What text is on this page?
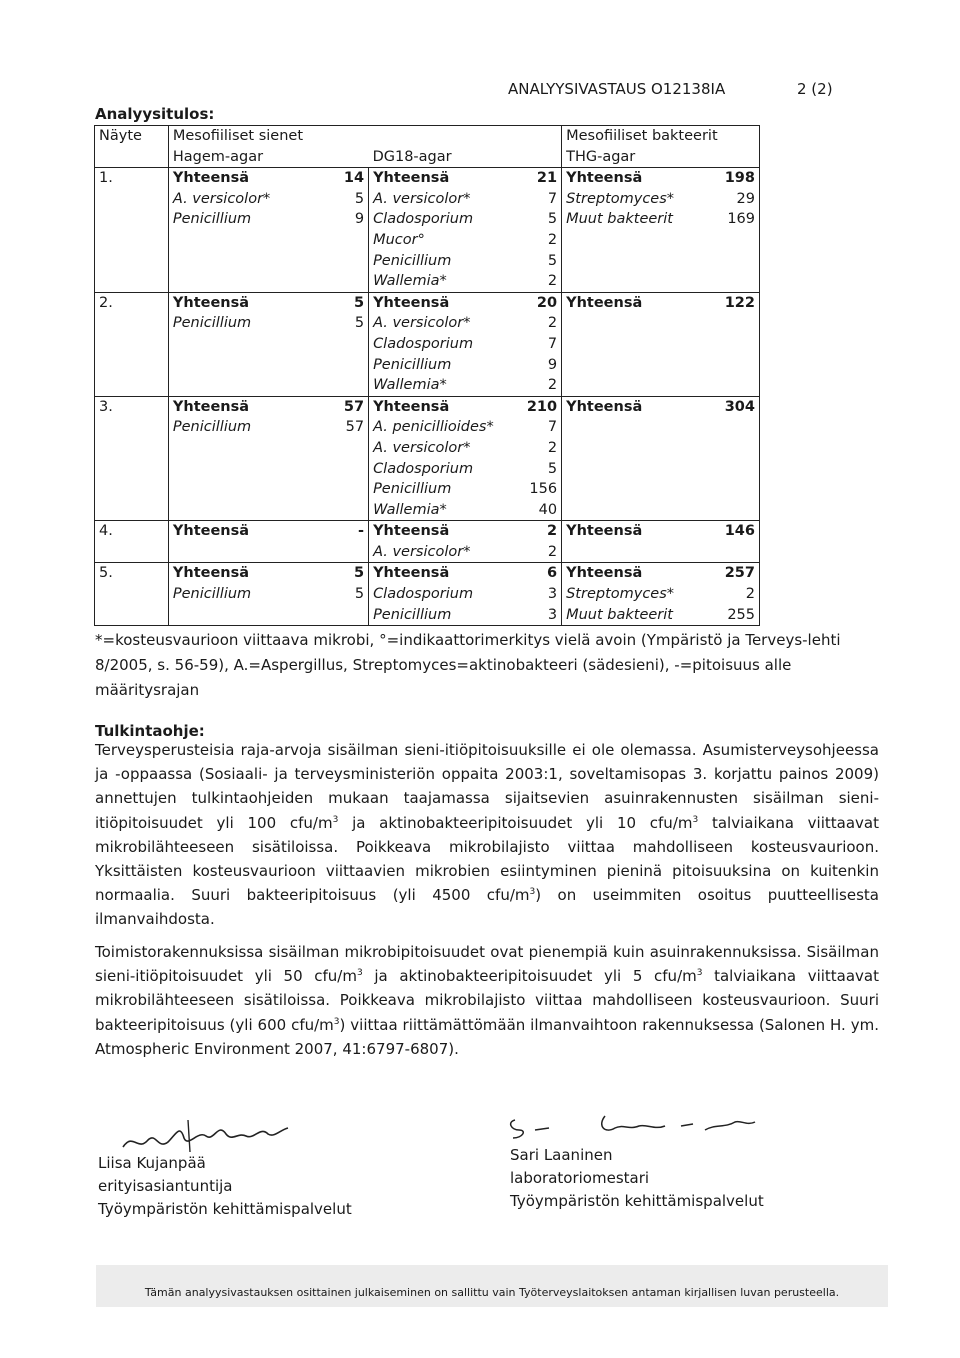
ANALYYSIVASTAUS O12138IA	2 (2)
Analyysitulos:
Näyte	Mesofiiliset sienet				Mesofiiliset bakteerit	
	Hagem-agar		DG18-agar		THG-agar	
1.	Yhteensä	14	Yhteensä	21	Yhteensä	198
	A. versicolor*	5	A. versicolor*	7	Streptomyces*	29
	Penicillium	9	Cladosporium	5	Muut bakteerit	169
			Mucor°	2		
			Penicillium	5		
			Wallemia*	2		
2.	Yhteensä	5	Yhteensä	20	Yhteensä	122
	Penicillium	5	A. versicolor*	2		
			Cladosporium	7		
			Penicillium	9		
			Wallemia*	2		
3.	Yhteensä	57	Yhteensä	210	Yhteensä	304
	Penicillium	57	A. penicillioides*	7		
			A. versicolor*	2		
			Cladosporium	5		
			Penicillium	156		
			Wallemia*	40		
4.	Yhteensä	-	Yhteensä	2	Yhteensä	146
			A. versicolor*	2		
5.	Yhteensä	5	Yhteensä	6	Yhteensä	257
	Penicillium	5	Cladosporium	3	Streptomyces*	2
			Penicillium	3	Muut bakteerit	255
*=kosteusvaurioon viittaava mikrobi, °=indikaattorimerkitys vielä avoin (Ympäristö ja Terveys-lehti 8/2005, s. 56-59), A.=Aspergillus, Streptomyces=aktinobakteeri (sädesieni), -=pitoisuus alle määritysrajan
Tulkintaohje:
Terveysperusteisia raja-arvoja sisäilman sieni-itiöpitoisuuksille ei ole olemassa. Asumisterveysohjeessa ja -oppaassa (Sosiaali- ja terveysministeriön oppaita 2003:1, soveltamisopas 3. korjattu painos 2009) annettujen tulkintaohjeiden mukaan taajamassa sijaitsevien asuinrakennusten sisäilman sieni-itiöpitoisuudet yli 100 cfu/$m^3$ ja aktinobakteeripitoisuudet yli 10 cfu/$m^3$ talviaikana viittaavat mikrobilähteeseen sisätiloissa. Poikkeava mikrobilajisto viittaa mahdolliseen kosteusvaurioon. Yksittäisten kosteusvaurioon viittaavien mikrobien esiintyminen pieninä pitoisuuksina on kuitenkin normaalia. Suuri bakteeripitoisuus (yli 4500 cfu/$m^3$) on useimmiten osoitus puutteellisesta ilmanvaihdosta.
Toimistorakennuksissa sisäilman mikrobipitoisuudet ovat pienempiä kuin asuinrakennuksissa. Sisäilman sieni-itiöpitoisuudet yli 50 cfu/$m^3$ ja aktinobakteeripitoisuudet yli 5 cfu/$m^3$ talviaikana viittaavat mikrobilähteeseen sisätiloissa. Poikkeava mikrobilajisto viittaa mahdolliseen kosteusvaurioon. Suuri bakteeripitoisuus (yli 600 cfu/$m^3$) viittaa riittämättömään ilmanvaihtoon rakennuksessa (Salonen H. ym. Atmospheric Environment 2007, 41:6797-6807).
Liisa Kujanpää
erityisasiantuntija
Työympäristön kehittämispalvelut
Sari Laaninen
laboratoriomestari
Työympäristön kehittämispalvelut
Tämän analyysivastauksen osittainen julkaiseminen on sallittu vain Työterveyslaitoksen antaman kirjallisen luvan perusteella.
